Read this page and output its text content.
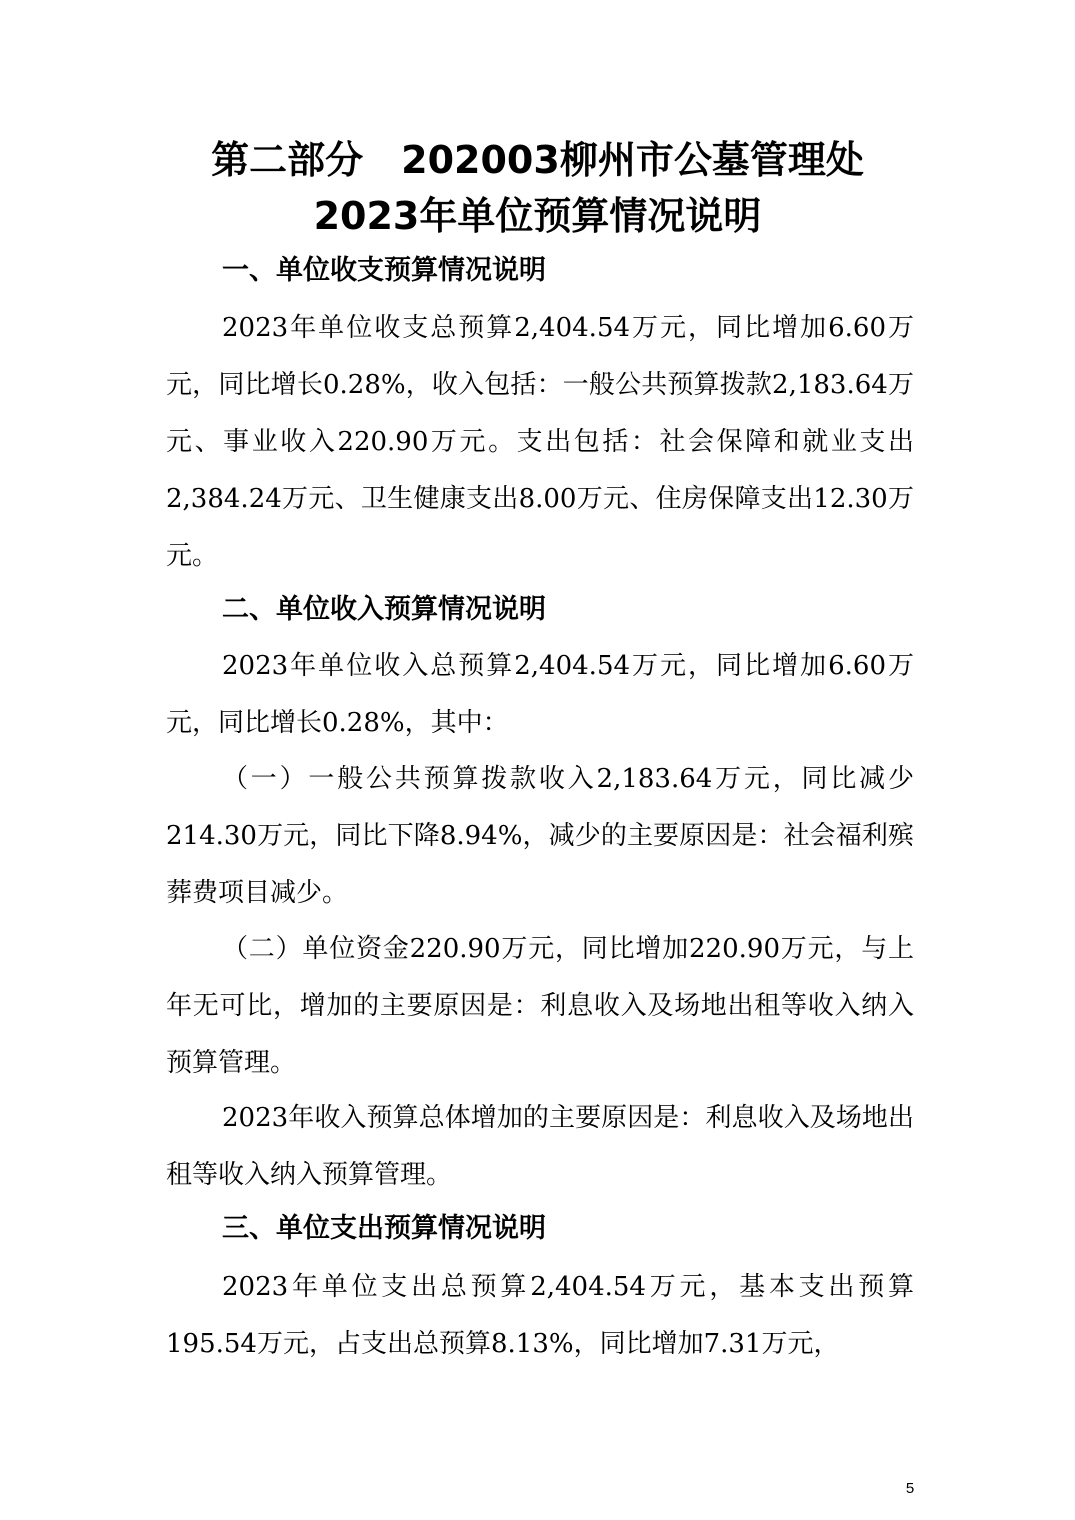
第二部分　202003柳州市公墓管理处
2023年单位预算情况说明
一、单位收支预算情况说明
2023年单位收支总预算2,404.54万元，同比增加6.60万元，同比增长0.28%，收入包括：一般公共预算拨款2,183.64万元、事业收入220.90万元。支出包括：社会保障和就业支出2,384.24万元、卫生健康支出8.00万元、住房保障支出12.30万元。
二、单位收入预算情况说明
2023年单位收入总预算2,404.54万元，同比增加6.60万元，同比增长0.28%，其中：
（一）一般公共预算拨款收入2,183.64万元，同比减少214.30万元，同比下降8.94%，减少的主要原因是：社会福利殡葬费项目减少。
（二）单位资金220.90万元，同比增加220.90万元，与上年无可比，增加的主要原因是：利息收入及场地出租等收入纳入预算管理。
2023年收入预算总体增加的主要原因是：利息收入及场地出租等收入纳入预算管理。
三、单位支出预算情况说明
2023年单位支出总预算2,404.54万元，基本支出预算195.54万元，占支出总预算8.13%，同比增加7.31万元，
5
